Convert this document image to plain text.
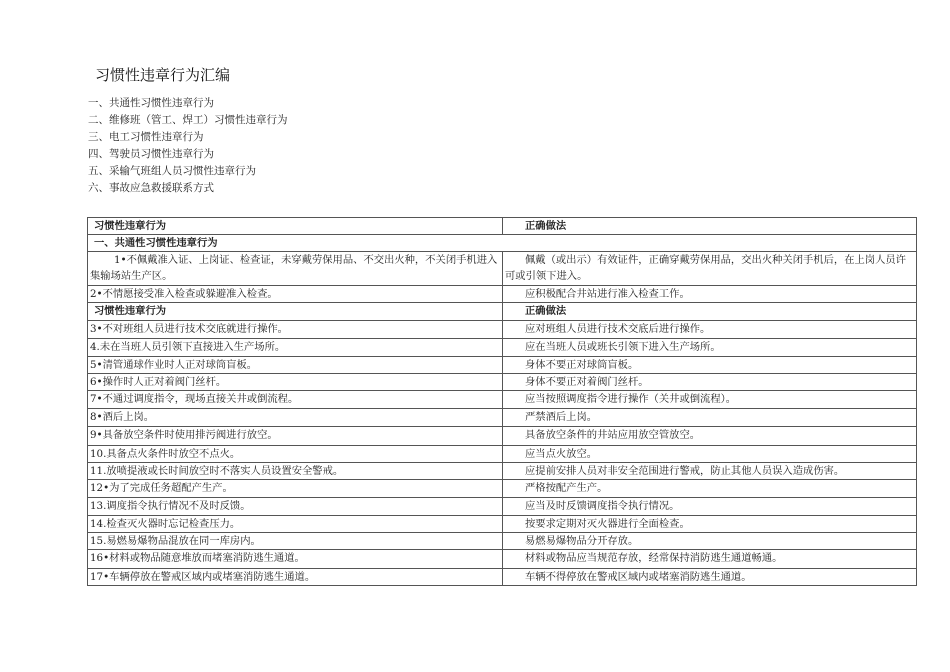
习惯性违章行为汇编
一、共通性习惯性违章行为
二、维修班（管工、焊工）习惯性违章行为
三、电工习惯性违章行为
四、驾驶员习惯性违章行为
五、采输气班组人员习惯性违章行为
六、事故应急救援联系方式
习惯性违章行为	正确做法
一、共通性习惯性违章行为	
1•不佩戴准入证、上岗证、检查证，未穿戴劳保用品、不交出火种，不关闭手机进入集输场站生产区。	佩戴（或出示）有效证件，正确穿戴劳保用品，交出火种关闭手机后，在上岗人员许可或引领下进入。
2•不情愿接受准入检查或躲避准入检查。	应积极配合井站进行准入检查工作。
习惯性违章行为	正确做法
3•不对班组人员进行技术交底就进行操作。	应对班组人员进行技术交底后进行操作。
4.未在当班人员引领下直接进入生产场所。	应在当班人员或班长引领下进入生产场所。
5•清管通球作业时人正对球筒盲板。	身体不要正对球筒盲板。
6•操作时人正对着阀门丝杆。	身体不要正对着阀门丝杆。
7•不通过调度指令，现场直接关井或倒流程。	应当按照调度指令进行操作（关井或倒流程）。
8•酒后上岗。	严禁酒后上岗。
9•具备放空条件时使用排污阀进行放空。	具备放空条件的井站应用放空管放空。
10.具备点火条件时放空不点火。	应当点火放空。
11.放喷提液或长时间放空时不落实人员设置安全警戒。	应提前安排人员对非安全范围进行警戒，防止其他人员误入造成伤害。
12•为了完成任务超配产生产。	严格按配产生产。
13.调度指令执行情况不及时反馈。	应当及时反馈调度指令执行情况。
14.检查灭火器时忘记检查压力。	按要求定期对灭火器进行全面检查。
15.易燃易爆物品混放在同一库房内。	易燃易爆物品分开存放。
16•材料或物品随意堆放而堵塞消防逃生通道。	材料或物品应当规范存放，经常保持消防逃生通道畅通。
17•车辆停放在警戒区域内或堵塞消防逃生通道。	车辆不得停放在警戒区域内或堵塞消防逃生通道。
